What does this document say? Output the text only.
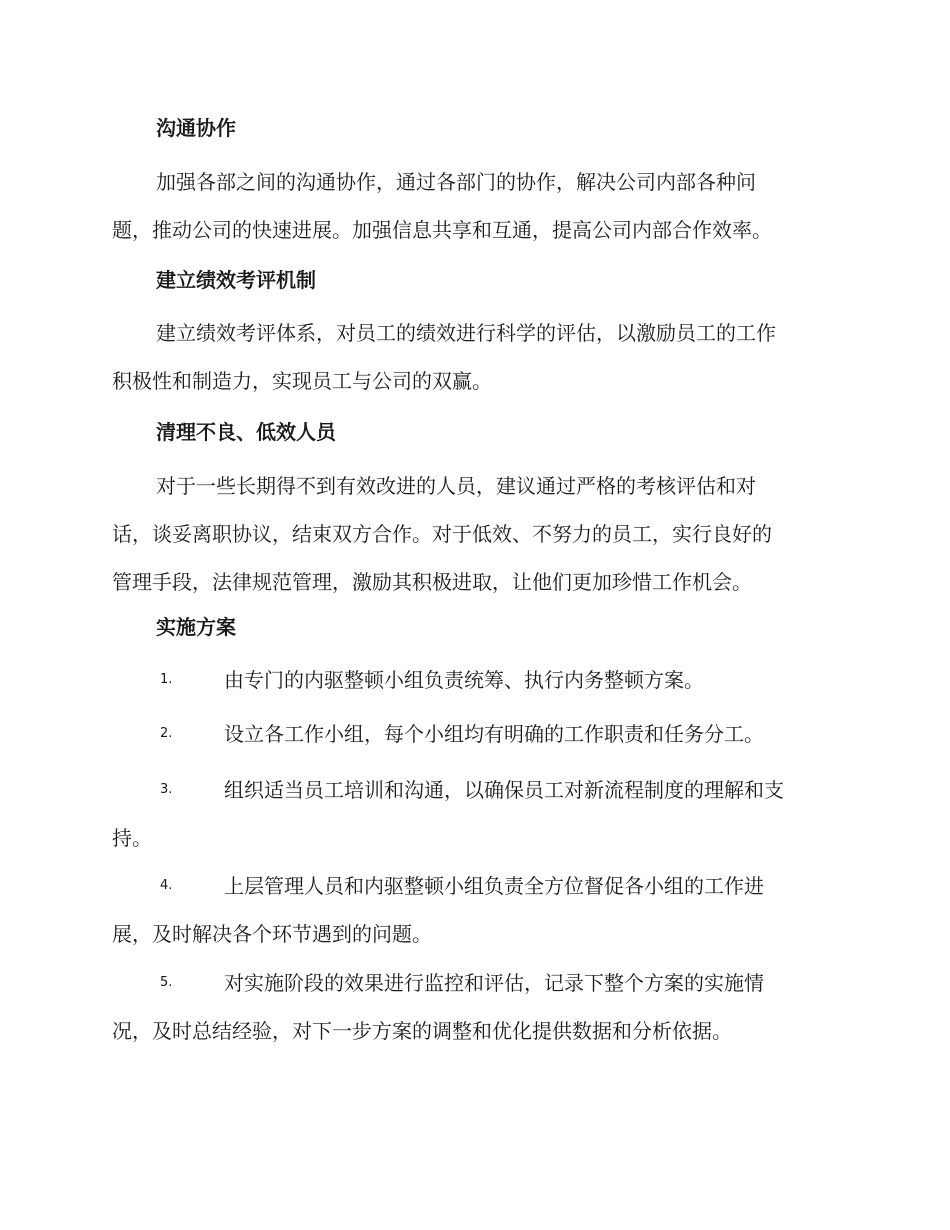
沟通协作
加强各部之间的沟通协作，通过各部门的协作，解决公司内部各种问
题，推动公司的快速进展。加强信息共享和互通，提高公司内部合作效率。
建立绩效考评机制
建立绩效考评体系，对员工的绩效进行科学的评估，以激励员工的工作
积极性和制造力，实现员工与公司的双赢。
清理不良、低效人员
对于一些长期得不到有效改进的人员，建议通过严格的考核评估和对
话，谈妥离职协议，结束双方合作。对于低效、不努力的员工，实行良好的
管理手段，法律规范管理，激励其积极进取，让他们更加珍惜工作机会。
实施方案
1.	由专门的内驱整顿小组负责统筹、执行内务整顿方案。
2.	设立各工作小组，每个小组均有明确的工作职责和任务分工。
3.	组织适当员工培训和沟通，以确保员工对新流程制度的理解和支
持。
4.	上层管理人员和内驱整顿小组负责全方位督促各小组的工作进
展，及时解决各个环节遇到的问题。
5.	对实施阶段的效果进行监控和评估，记录下整个方案的实施情
况，及时总结经验，对下一步方案的调整和优化提供数据和分析依据。
